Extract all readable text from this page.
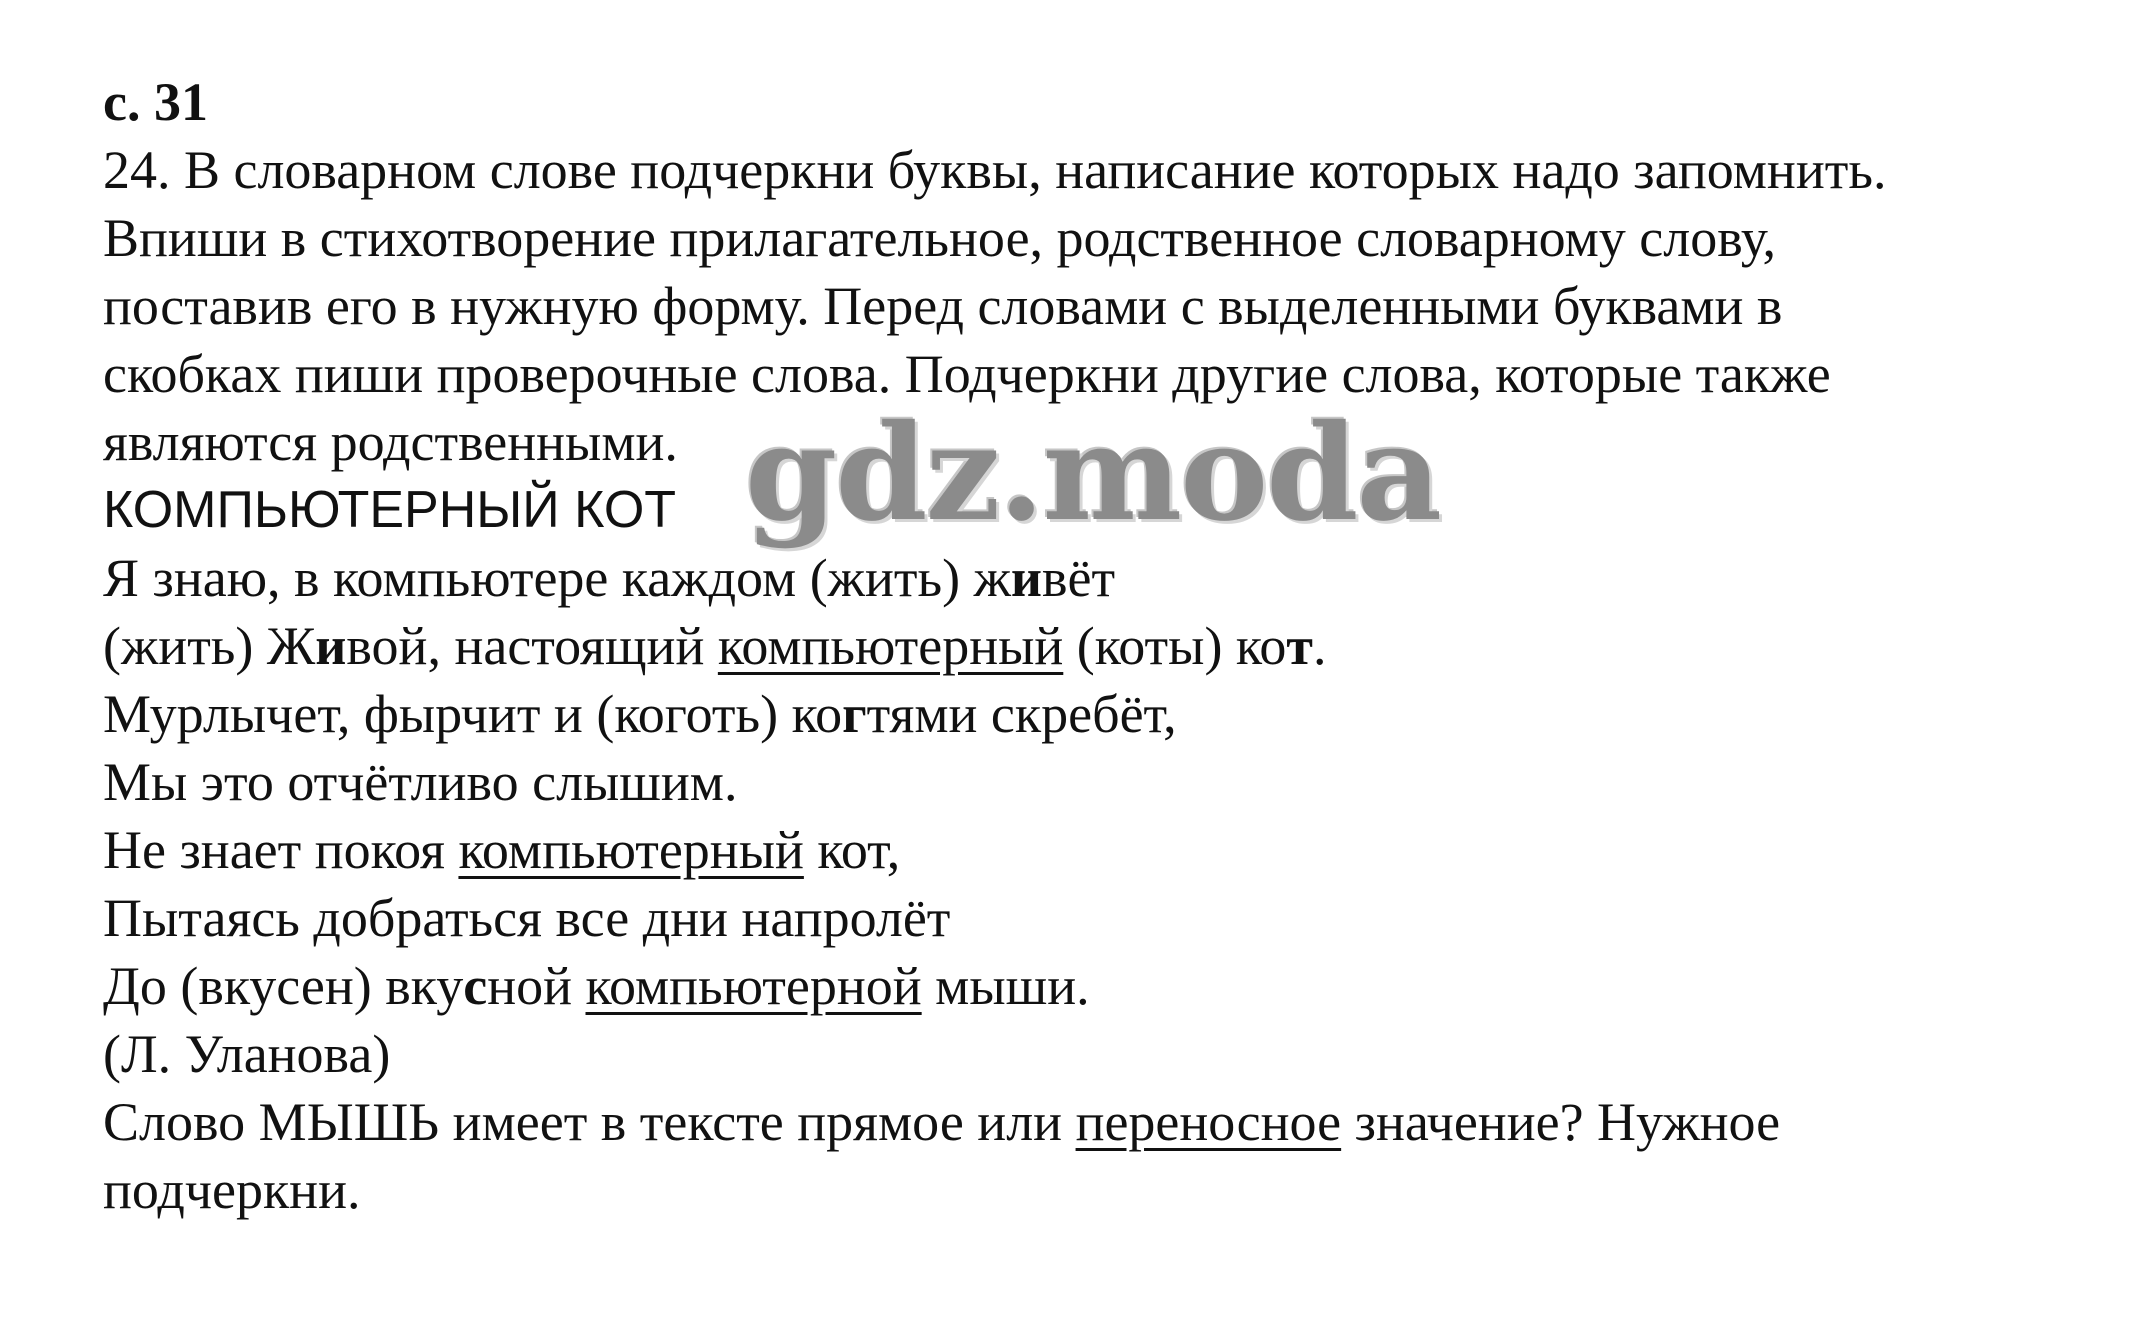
с. 31
24. В словарном слове подчеркни буквы, написание которых надо запомнить.
Впиши в стихотворение прилагательное, родственное словарному слову,
поставив его в нужную форму. Перед словами с выделенными буквами в
скобках пиши проверочные слова. Подчеркни другие слова, которые также
являются родственными.
КОМПЬЮТЕРНЫЙ КОТ
Я знаю, в компьютере каждом (жить) живёт
(жить) Живой, настоящий компьютерный (коты) кот.
Мурлычет, фырчит и (коготь) когтями скребёт,
Мы это отчётливо слышим.
Не знает покоя компьютерный кот,
Пытаясь добраться все дни напролёт
До (вкусен) вкусной компьютерной мыши.
(Л. Уланова)
Слово МЫШЬ имеет в тексте прямое или переносное значение? Нужное
подчеркни.
gdz.moda
